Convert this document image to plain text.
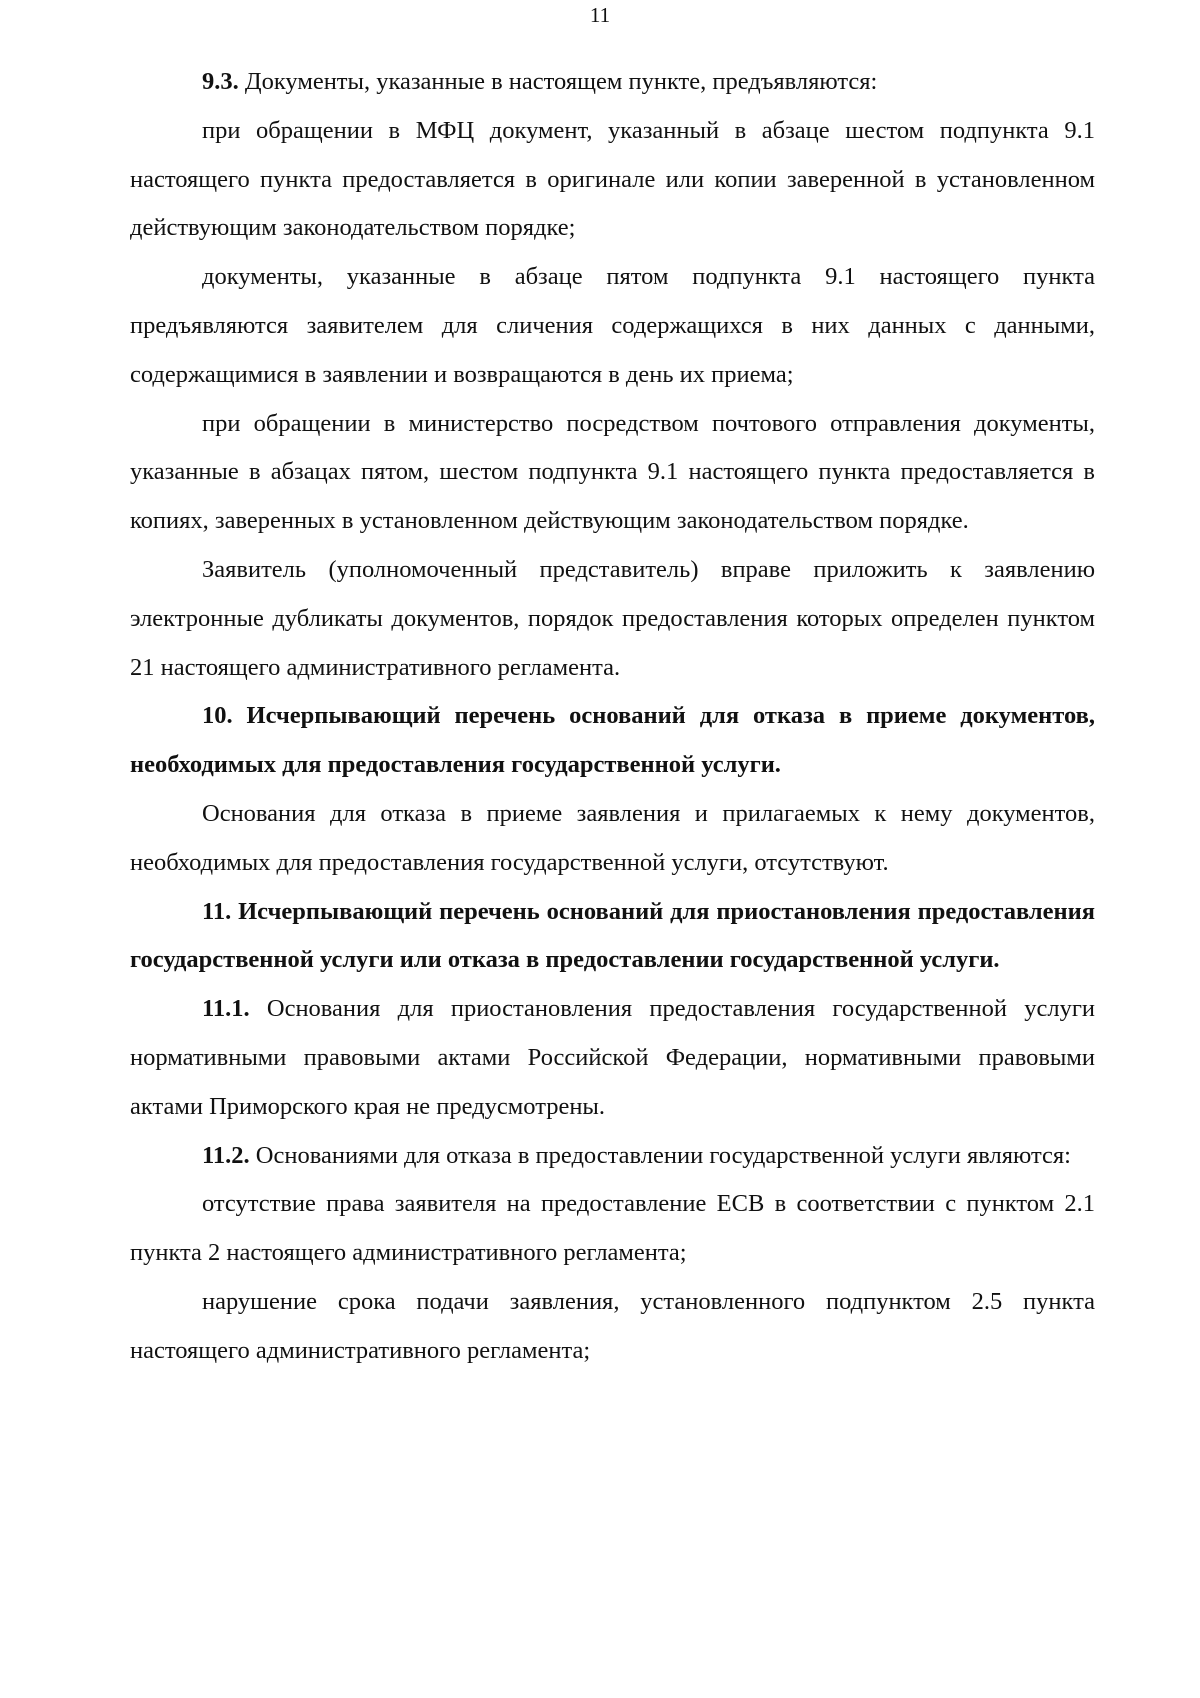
11

9.3. Документы, указанные в настоящем пункте, предъявляются:

при обращении в МФЦ документ, указанный в абзаце шестом подпункта 9.1 настоящего пункта предоставляется в оригинале или копии заверенной в установленном действующим законодательством порядке;

документы, указанные в абзаце пятом подпункта 9.1 настоящего пункта предъявляются заявителем для сличения содержащихся в них данных с данными, содержащимися в заявлении и возвращаются в день их приема;

при обращении в министерство посредством почтового отправления документы, указанные в абзацах пятом, шестом подпункта 9.1 настоящего пункта предоставляется в копиях, заверенных в установленном действующим законодательством порядке.

Заявитель (уполномоченный представитель) вправе приложить к заявлению электронные дубликаты документов, порядок предоставления которых определен пунктом 21 настоящего административного регламента.

10. Исчерпывающий перечень оснований для отказа в приеме документов, необходимых для предоставления государственной услуги.

Основания для отказа в приеме заявления и прилагаемых к нему документов, необходимых для предоставления государственной услуги, отсутствуют.

11. Исчерпывающий перечень оснований для приостановления предоставления государственной услуги или отказа в предоставлении государственной услуги.

11.1. Основания для приостановления предоставления государственной услуги нормативными правовыми актами Российской Федерации, нормативными правовыми актами Приморского края не предусмотрены.

11.2. Основаниями для отказа в предоставлении государственной услуги являются:

отсутствие права заявителя на предоставление ЕСВ в соответствии с пунктом 2.1 пункта 2 настоящего административного регламента;

нарушение срока подачи заявления, установленного подпунктом 2.5 пункта настоящего административного регламента;
